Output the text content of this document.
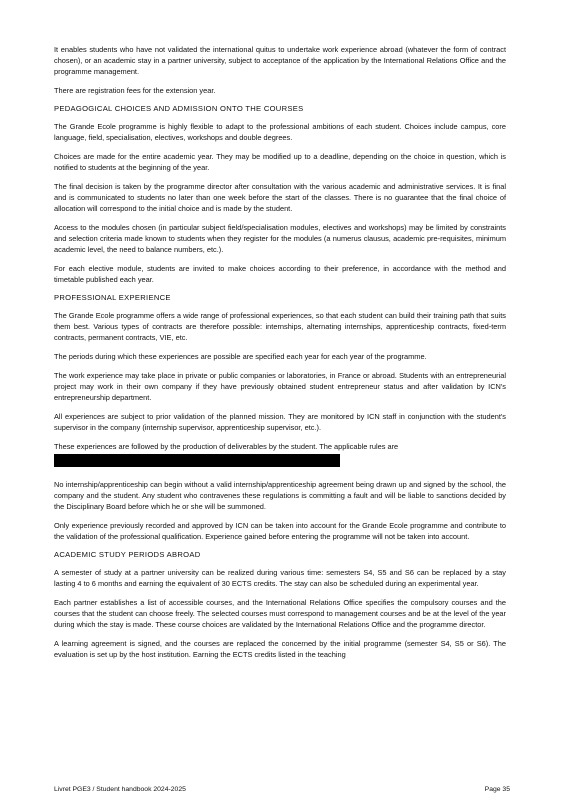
It enables students who have not validated the international quitus to undertake work experience abroad (whatever the form of contract chosen), or an academic stay in a partner university, subject to acceptance of the application by the International Relations Office and the programme management.

There are registration fees for the extension year.

PEDAGOGICAL CHOICES AND ADMISSION ONTO THE COURSES

The Grande Ecole programme is highly flexible to adapt to the professional ambitions of each student. Choices include campus, core language, field, specialisation, electives, workshops and double degrees.

Choices are made for the entire academic year. They may be modified up to a deadline, depending on the choice in question, which is notified to students at the beginning of the year.

The final decision is taken by the programme director after consultation with the various academic and administrative services. It is final and is communicated to students no later than one week before the start of the classes. There is no guarantee that the final choice of allocation will correspond to the initial choice and is made by the student.

Access to the modules chosen (in particular subject field/specialisation modules, electives and workshops) may be limited by constraints and selection criteria made known to students when they register for the modules (a numerus clausus, academic pre-requisites, minimum academic level, the need to balance numbers, etc.).

For each elective module, students are invited to make choices according to their preference, in accordance with the method and timetable published each year.

PROFESSIONAL EXPERIENCE

The Grande Ecole programme offers a wide range of professional experiences, so that each student can build their training path that suits them best. Various types of contracts are therefore possible: internships, alternating internships, apprenticeship contracts, fixed-term contracts, permanent contracts, VIE, etc.

The periods during which these experiences are possible are specified each year for each year of the programme.

The work experience may take place in private or public companies or laboratories, in France or abroad. Students with an entrepreneurial project may work in their own company if they have previously obtained student entrepreneur status and after validation by ICN's entrepreneurship department.

All experiences are subject to prior validation of the planned mission. They are monitored by ICN staff in conjunction with the student's supervisor in the company (internship supervisor, apprenticeship supervisor, etc.).

These experiences are followed by the production of deliverables by the student. The applicable rules are

No internship/apprenticeship can begin without a valid internship/apprenticeship agreement being drawn up and signed by the school, the company and the student. Any student who contravenes these regulations is committing a fault and will be liable to sanctions decided by the Disciplinary Board before which he or she will be summoned.

Only experience previously recorded and approved by ICN can be taken into account for the Grande Ecole programme and contribute to the validation of the professional qualification. Experience gained before entering the programme will not be taken into account.

ACADEMIC STUDY PERIODS ABROAD

A semester of study at a partner university can be realized during various time: semesters S4, S5 and S6 can be replaced by a stay lasting 4 to 6 months and earning the equivalent of 30 ECTS credits. The stay can also be scheduled during an experimental year.

Each partner establishes a list of accessible courses, and the International Relations Office specifies the compulsory courses and the courses that the student can choose freely. The selected courses must correspond to management courses and be at the level of the year during which the stay is made. These course choices are validated by the International Relations Office and the programme director.

A learning agreement is signed, and the courses are replaced the concerned by the initial programme (semester S4, S5 or S6). The evaluation is set up by the host institution. Earning the ECTS credits listed in the teaching

Livret PGE3 / Student handbook 2024-2025	Page 35
